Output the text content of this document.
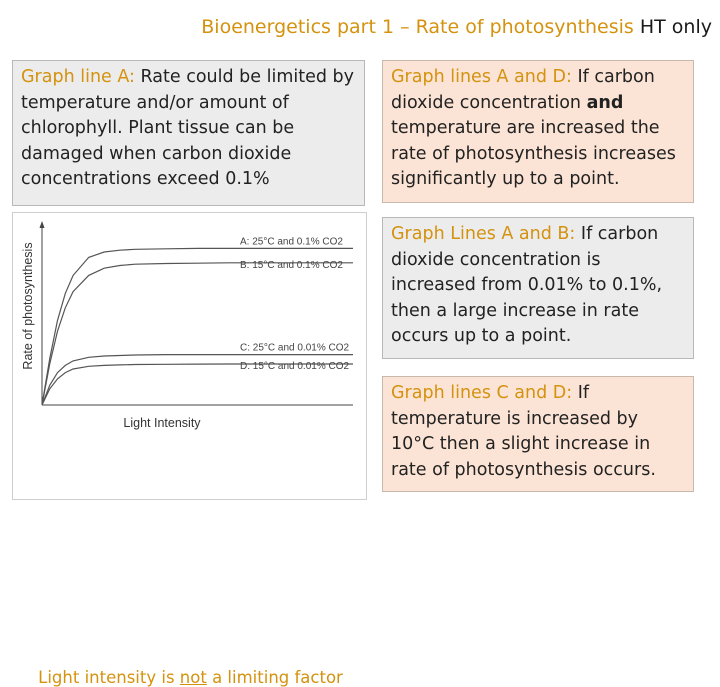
Bioenergetics part 1 – Rate of photosynthesis HT only
Graph line A: Rate could be limited by temperature and/or amount of chlorophyll. Plant tissue can be damaged when carbon dioxide concentrations exceed 0.1%
Graph lines A and D: If carbon dioxide concentration and temperature are increased the rate of photosynthesis increases significantly up to a point.
Graph Lines A and B: If carbon dioxide concentration is increased from 0.01% to 0.1%, then a large increase in rate occurs up to a point.
Graph lines C and D: If temperature is increased by 10°C then a slight increase in rate of photosynthesis occurs.
Light Intensity
Rate of photosynthesis
A: 25°C and 0.1% CO2
B: 15°C and 0.1% CO2
C: 25°C and 0.01% CO2
D: 15°C and 0.01% CO2
Light intensity is not a limiting factor
